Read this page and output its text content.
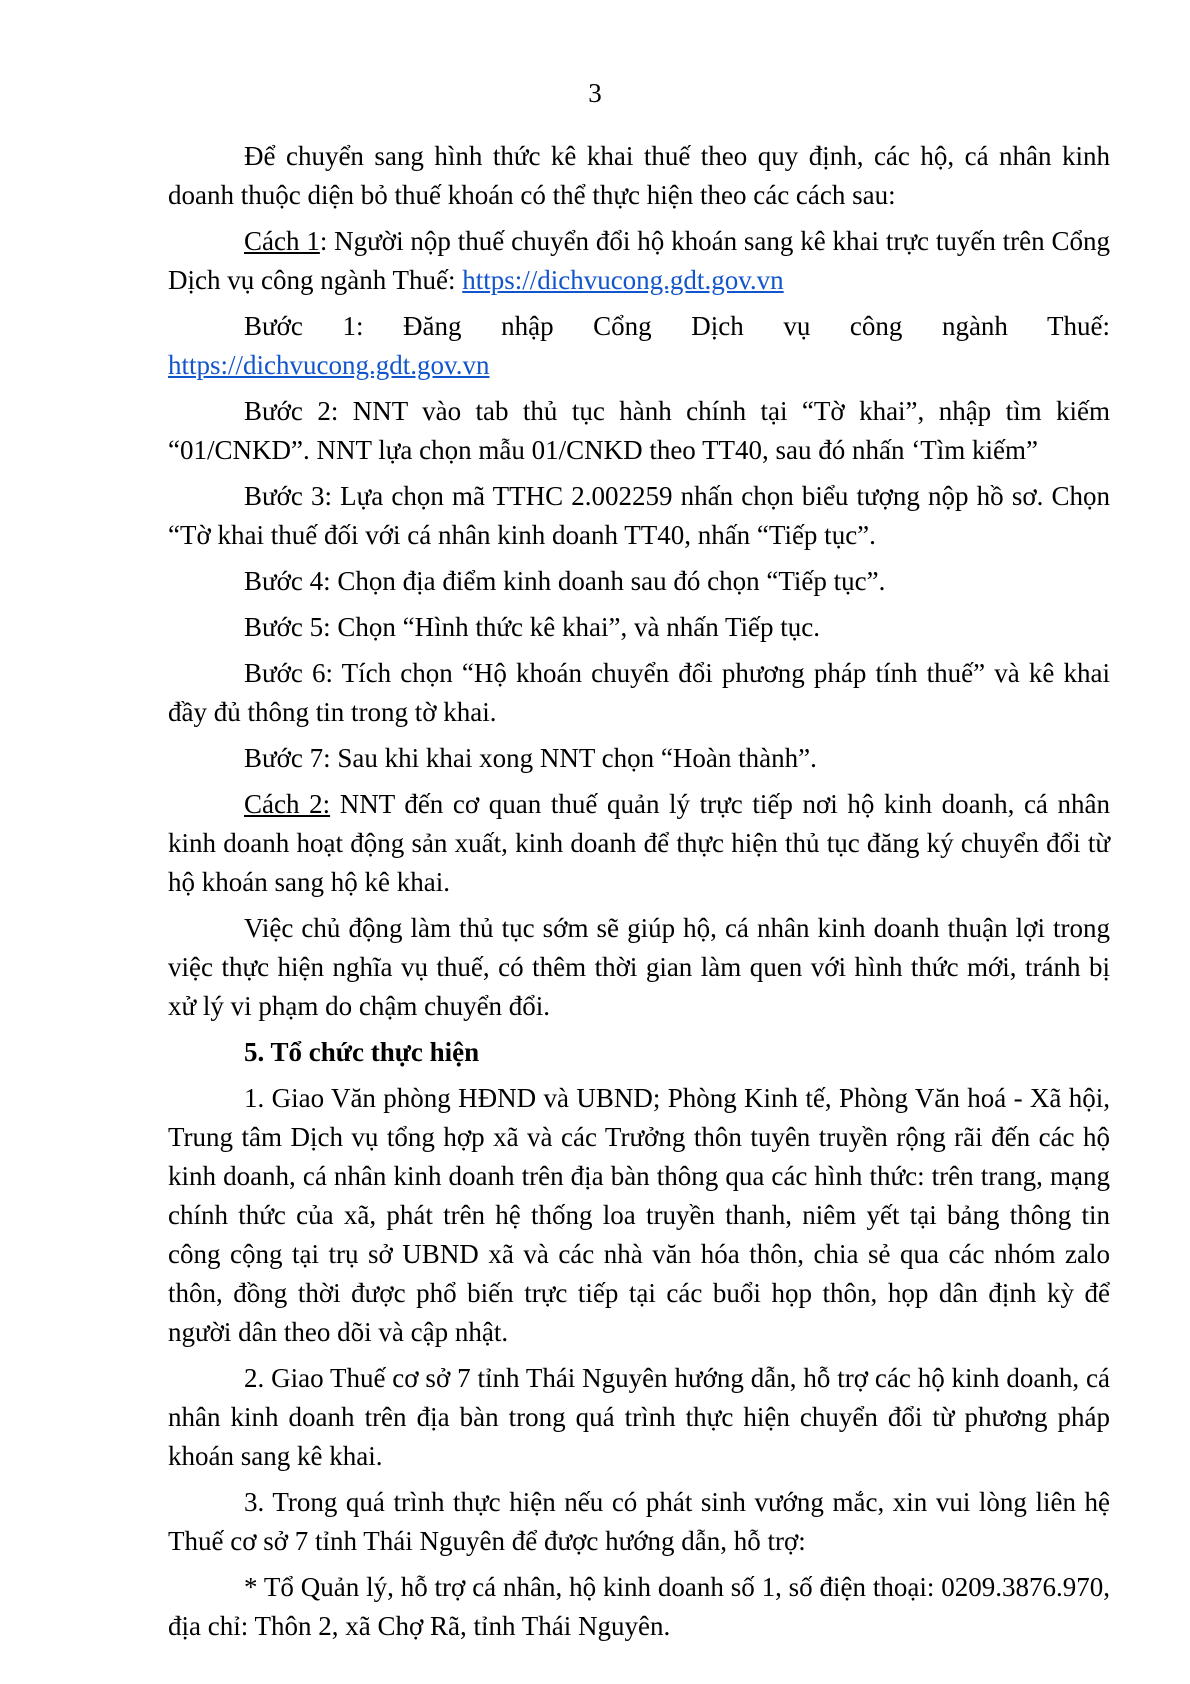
3

Để chuyển sang hình thức kê khai thuế theo quy định, các hộ, cá nhân kinh doanh thuộc diện bỏ thuế khoán có thể thực hiện theo các cách sau:

Cách 1: Người nộp thuế chuyển đổi hộ khoán sang kê khai trực tuyến trên Cổng Dịch vụ công ngành Thuế: https://dichvucong.gdt.gov.vn

Bước 1: Đăng nhập Cổng Dịch vụ công ngành Thuế: https://dichvucong.gdt.gov.vn

Bước 2: NNT vào tab thủ tục hành chính tại “Tờ khai”, nhập tìm kiếm “01/CNKD”. NNT lựa chọn mẫu 01/CNKD theo TT40, sau đó nhấn ‘Tìm kiếm”

Bước 3: Lựa chọn mã TTHC 2.002259 nhấn chọn biểu tượng nộp hồ sơ. Chọn “Tờ khai thuế đối với cá nhân kinh doanh TT40, nhấn “Tiếp tục”.

Bước 4: Chọn địa điểm kinh doanh sau đó chọn “Tiếp tục”.

Bước 5: Chọn “Hình thức kê khai”, và nhấn Tiếp tục.

Bước 6: Tích chọn “Hộ khoán chuyển đổi phương pháp tính thuế” và kê khai đầy đủ thông tin trong tờ khai.

Bước 7: Sau khi khai xong NNT chọn “Hoàn thành”.

Cách 2: NNT đến cơ quan thuế quản lý trực tiếp nơi hộ kinh doanh, cá nhân kinh doanh hoạt động sản xuất, kinh doanh để thực hiện thủ tục đăng ký chuyển đổi từ hộ khoán sang hộ kê khai.

Việc chủ động làm thủ tục sớm sẽ giúp hộ, cá nhân kinh doanh thuận lợi trong việc thực hiện nghĩa vụ thuế, có thêm thời gian làm quen với hình thức mới, tránh bị xử lý vi phạm do chậm chuyển đổi.

5. Tổ chức thực hiện

1. Giao Văn phòng HĐND và UBND; Phòng Kinh tế, Phòng Văn hoá - Xã hội, Trung tâm Dịch vụ tổng hợp xã và các Trưởng thôn tuyên truyền rộng rãi đến các hộ kinh doanh, cá nhân kinh doanh trên địa bàn thông qua các hình thức: trên trang, mạng chính thức của xã, phát trên hệ thống loa truyền thanh, niêm yết tại bảng thông tin công cộng tại trụ sở UBND xã và các nhà văn hóa thôn, chia sẻ qua các nhóm zalo thôn, đồng thời được phổ biến trực tiếp tại các buổi họp thôn, họp dân định kỳ để người dân theo dõi và cập nhật.

2. Giao Thuế cơ sở 7 tỉnh Thái Nguyên hướng dẫn, hỗ trợ các hộ kinh doanh, cá nhân kinh doanh trên địa bàn trong quá trình thực hiện chuyển đổi từ phương pháp khoán sang kê khai.

3. Trong quá trình thực hiện nếu có phát sinh vướng mắc, xin vui lòng liên hệ Thuế cơ sở 7 tỉnh Thái Nguyên để được hướng dẫn, hỗ trợ:

* Tổ Quản lý, hỗ trợ cá nhân, hộ kinh doanh số 1, số điện thoại: 0209.3876.970, địa chỉ: Thôn 2, xã Chợ Rã, tỉnh Thái Nguyên.
